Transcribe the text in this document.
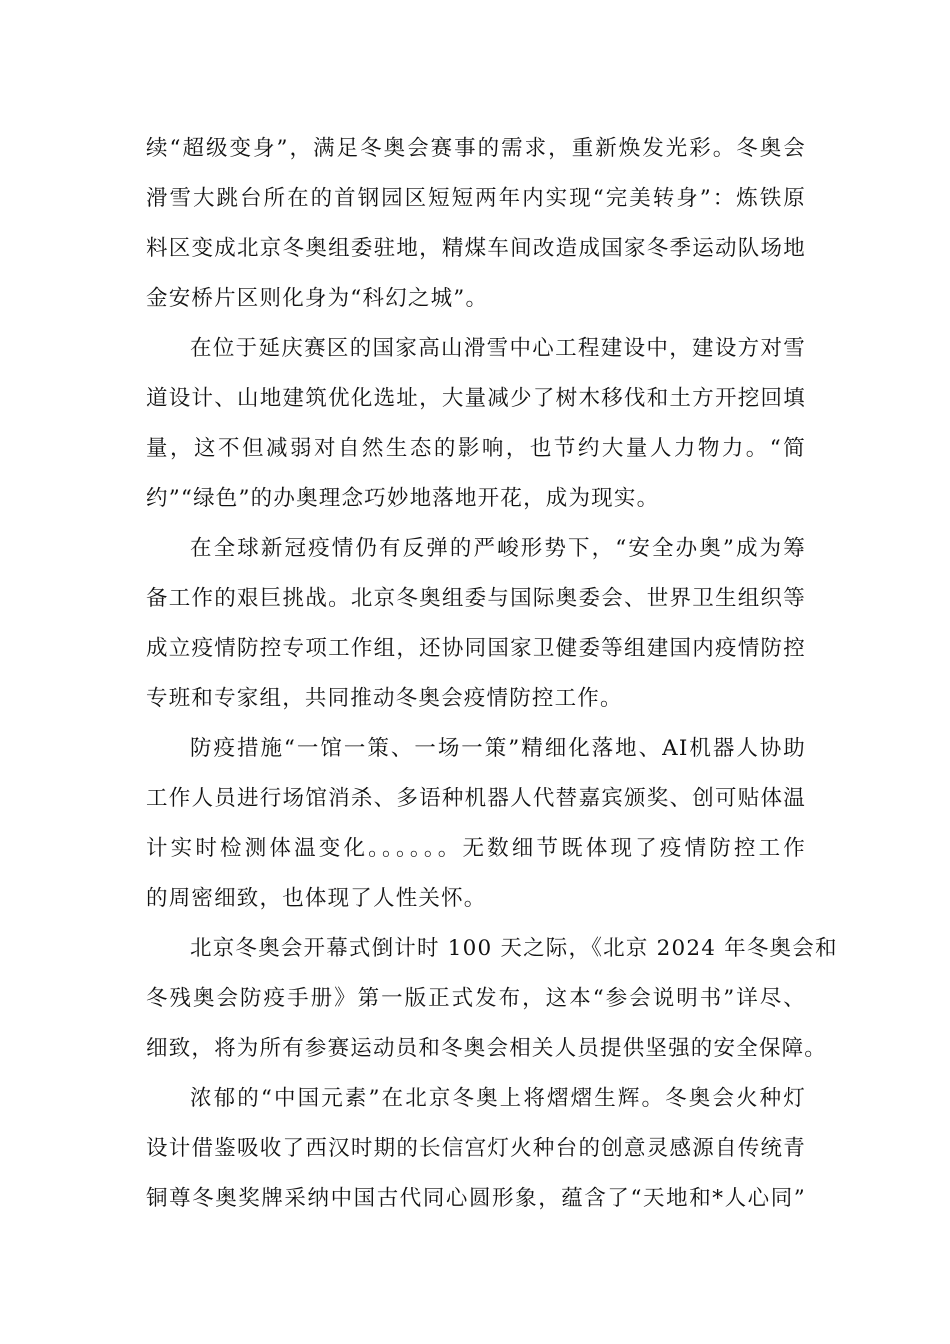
续“超级变身”，满足冬奥会赛事的需求，重新焕发光彩。冬奥会
滑雪大跳台所在的首钢园区短短两年内实现“完美转身”：炼铁原
料区变成北京冬奥组委驻地，精煤车间改造成国家冬季运动队场地
金安桥片区则化身为“科幻之城”。
在位于延庆赛区的国家高山滑雪中心工程建设中，建设方对雪
道设计、山地建筑优化选址，大量减少了树木移伐和土方开挖回填
量，这不但减弱对自然生态的影响，也节约大量人力物力。“简
约”“绿色”的办奥理念巧妙地落地开花，成为现实。
在全球新冠疫情仍有反弹的严峻形势下，“安全办奥”成为筹
备工作的艰巨挑战。北京冬奥组委与国际奥委会、世界卫生组织等
成立疫情防控专项工作组，还协同国家卫健委等组建国内疫情防控
专班和专家组，共同推动冬奥会疫情防控工作。
防疫措施“一馆一策、一场一策”精细化落地、AI机器人协助
工作人员进行场馆消杀、多语种机器人代替嘉宾颁奖、创可贴体温
计实时检测体温变化。。。。。。无数细节既体现了疫情防控工作
的周密细致，也体现了人性关怀。
北京冬奥会开幕式倒计时 100 天之际，《北京 2024 年冬奥会和
冬残奥会防疫手册》第一版正式发布，这本“参会说明书”详尽、
细致，将为所有参赛运动员和冬奥会相关人员提供坚强的安全保障。
浓郁的“中国元素”在北京冬奥上将熠熠生辉。冬奥会火种灯
设计借鉴吸收了西汉时期的长信宫灯火种台的创意灵感源自传统青
铜尊冬奥奖牌采纳中国古代同心圆形象，蕴含了“天地和*人心同”
